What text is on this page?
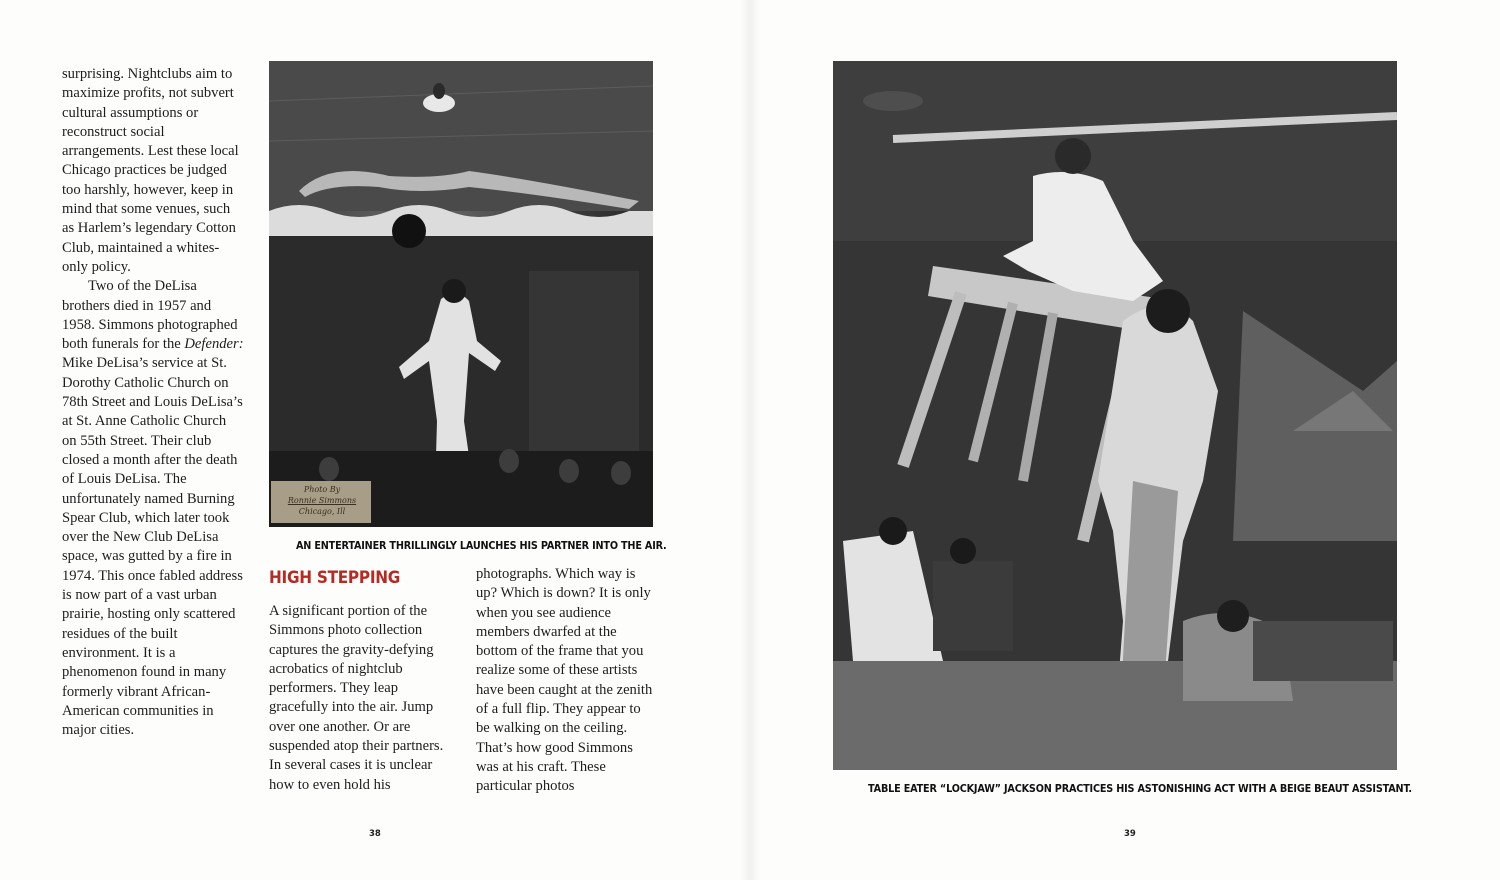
surprising. Nightclubs aim to maximize profits, not subvert cultural assumptions or reconstruct social arrangements. Lest these local Chicago practices be judged too harshly, however, keep in mind that some venues, such as Harlem’s legendary Cotton Club, maintained a whites-only policy.

Two of the DeLisa brothers died in 1957 and 1958. Simmons photographed both funerals for the Defender: Mike DeLisa’s service at St. Dorothy Catholic Church on 78th Street and Louis DeLisa’s at St. Anne Catholic Church on 55th Street. Their club closed a month after the death of Louis DeLisa. The unfortunately named Burning Spear Club, which later took over the New Club DeLisa space, was gutted by a fire in 1974. This once fabled address is now part of a vast urban prairie, hosting only scattered residues of the built environment. It is a phenomenon found in many formerly vibrant African-American communities in major cities.

Photo By
Ronnie Simmons
Chicago, Ill
AN ENTERTAINER THRILLINGLY LAUNCHES HIS PARTNER INTO THE AIR.
HIGH STEPPING

A significant portion of the Simmons photo collection captures the gravity-defying acrobatics of nightclub performers. They leap gracefully into the air. Jump over one another. Or are suspended atop their partners. In several cases it is unclear how to even hold his

photographs. Which way is up? Which is down? It is only when you see audience members dwarfed at the bottom of the frame that you realize some of these artists have been caught at the zenith of a full flip. They appear to be walking on the ceiling. That’s how good Simmons was at his craft. These particular photos

38
TABLE EATER “LOCKJAW” JACKSON PRACTICES HIS ASTONISHING ACT WITH A BEIGE BEAUT ASSISTANT.
39
